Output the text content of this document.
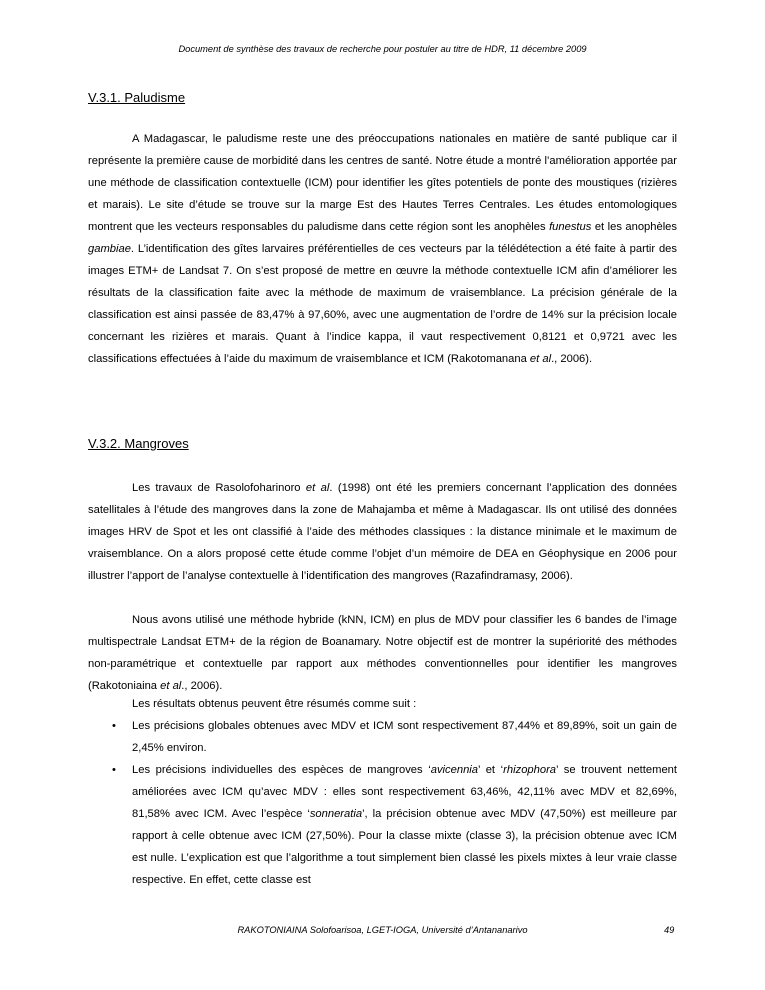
Document de synthèse des travaux de recherche pour postuler au titre de HDR, 11 décembre 2009
V.3.1. Paludisme
A Madagascar, le paludisme reste une des préoccupations nationales en matière de santé publique car il représente la première cause de morbidité dans les centres de santé. Notre étude a montré l’amélioration apportée par une méthode de classification contextuelle (ICM) pour identifier les gîtes potentiels de ponte des moustiques (rizières et marais). Le site d’étude se trouve sur la marge Est des Hautes Terres Centrales. Les études entomologiques montrent que les vecteurs responsables du paludisme dans cette région sont les anophèles funestus et les anophèles gambiae. L’identification des gîtes larvaires préférentielles de ces vecteurs par la télédétection a été faite à partir des images ETM+ de Landsat 7. On s’est proposé de mettre en œuvre la méthode contextuelle ICM afin d’améliorer les résultats de la classification faite avec la méthode de maximum de vraisemblance. La précision générale de la classification est ainsi passée de 83,47% à 97,60%, avec une augmentation de l’ordre de 14% sur la précision locale concernant les rizières et marais. Quant à l’indice kappa, il vaut respectivement 0,8121 et 0,9721 avec les classifications effectuées à l’aide du maximum de vraisemblance et ICM (Rakotomanana et al., 2006).
V.3.2. Mangroves
Les travaux de Rasolofoharinoro et al. (1998) ont été les premiers concernant l’application des données satellitales à l’étude des mangroves dans la zone de Mahajamba et même à Madagascar. Ils ont utilisé des données images HRV de Spot et les ont classifié à l’aide des méthodes classiques : la distance minimale et le maximum de vraisemblance. On a alors proposé cette étude comme l’objet d’un mémoire de DEA en Géophysique en 2006 pour illustrer l’apport de l’analyse contextuelle à l’identification des mangroves (Razafindramasy, 2006).
Nous avons utilisé une méthode hybride (kNN, ICM) en plus de MDV pour classifier les 6 bandes de l’image multispectrale Landsat ETM+ de la région de Boanamary. Notre objectif est de montrer la supériorité des méthodes non-paramétrique et contextuelle par rapport aux méthodes conventionnelles pour identifier les mangroves (Rakotoniaina et al., 2006).
Les résultats obtenus peuvent être résumés comme suit :
• Les précisions globales obtenues avec MDV et ICM sont respectivement 87,44% et 89,89%, soit un gain de 2,45% environ.
• Les précisions individuelles des espèces de mangroves ‘avicennia’ et ‘rhizophora’ se trouvent nettement améliorées avec ICM qu’avec MDV : elles sont respectivement 63,46%, 42,11% avec MDV et 82,69%, 81,58% avec ICM. Avec l’espèce ‘sonneratia’, la précision obtenue avec MDV (47,50%) est meilleure par rapport à celle obtenue avec ICM (27,50%). Pour la classe mixte (classe 3), la précision obtenue avec ICM est nulle. L’explication est que l’algorithme a tout simplement bien classé les pixels mixtes à leur vraie classe respective. En effet, cette classe est
RAKOTONIAINA Solofoarisoa, LGET-IOGA, Université d’Antananarivo	49
